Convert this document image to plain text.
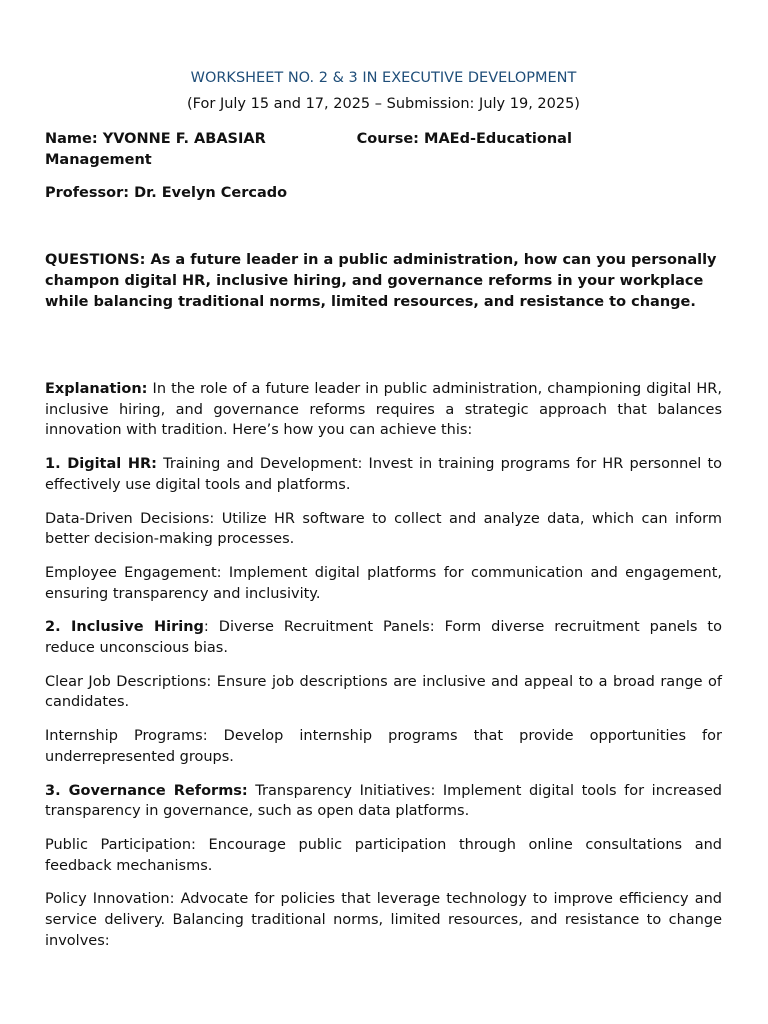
WORKSHEET NO. 2 & 3 IN EXECUTIVE DEVELOPMENT
(For July 15 and 17, 2025 – Submission: July 19, 2025)
Name: YVONNE F. ABASIAR                  Course: MAEd-Educational
Management
Professor: Dr. Evelyn Cercado
QUESTIONS: As a future leader in a public administration, how can you personally champon digital HR, inclusive hiring, and governance reforms in your workplace while balancing traditional norms, limited resources, and resistance to change.

Explanation: In the role of a future leader in public administration, championing digital HR, inclusive hiring, and governance reforms requires a strategic approach that balances innovation with tradition. Here’s how you can achieve this:

1. Digital HR: Training and Development: Invest in training programs for HR personnel to effectively use digital tools and platforms.

Data-Driven Decisions: Utilize HR software to collect and analyze data, which can inform better decision-making processes.

Employee Engagement: Implement digital platforms for communication and engagement, ensuring transparency and inclusivity.

2. Inclusive Hiring: Diverse Recruitment Panels: Form diverse recruitment panels to reduce unconscious bias.

Clear Job Descriptions: Ensure job descriptions are inclusive and appeal to a broad range of candidates.

Internship Programs: Develop internship programs that provide opportunities for underrepresented groups.

3. Governance Reforms: Transparency Initiatives: Implement digital tools for increased transparency in governance, such as open data platforms.

Public Participation: Encourage public participation through online consultations and feedback mechanisms.

Policy Innovation: Advocate for policies that leverage technology to improve efficiency and service delivery. Balancing traditional norms, limited resources, and resistance to change involves:
